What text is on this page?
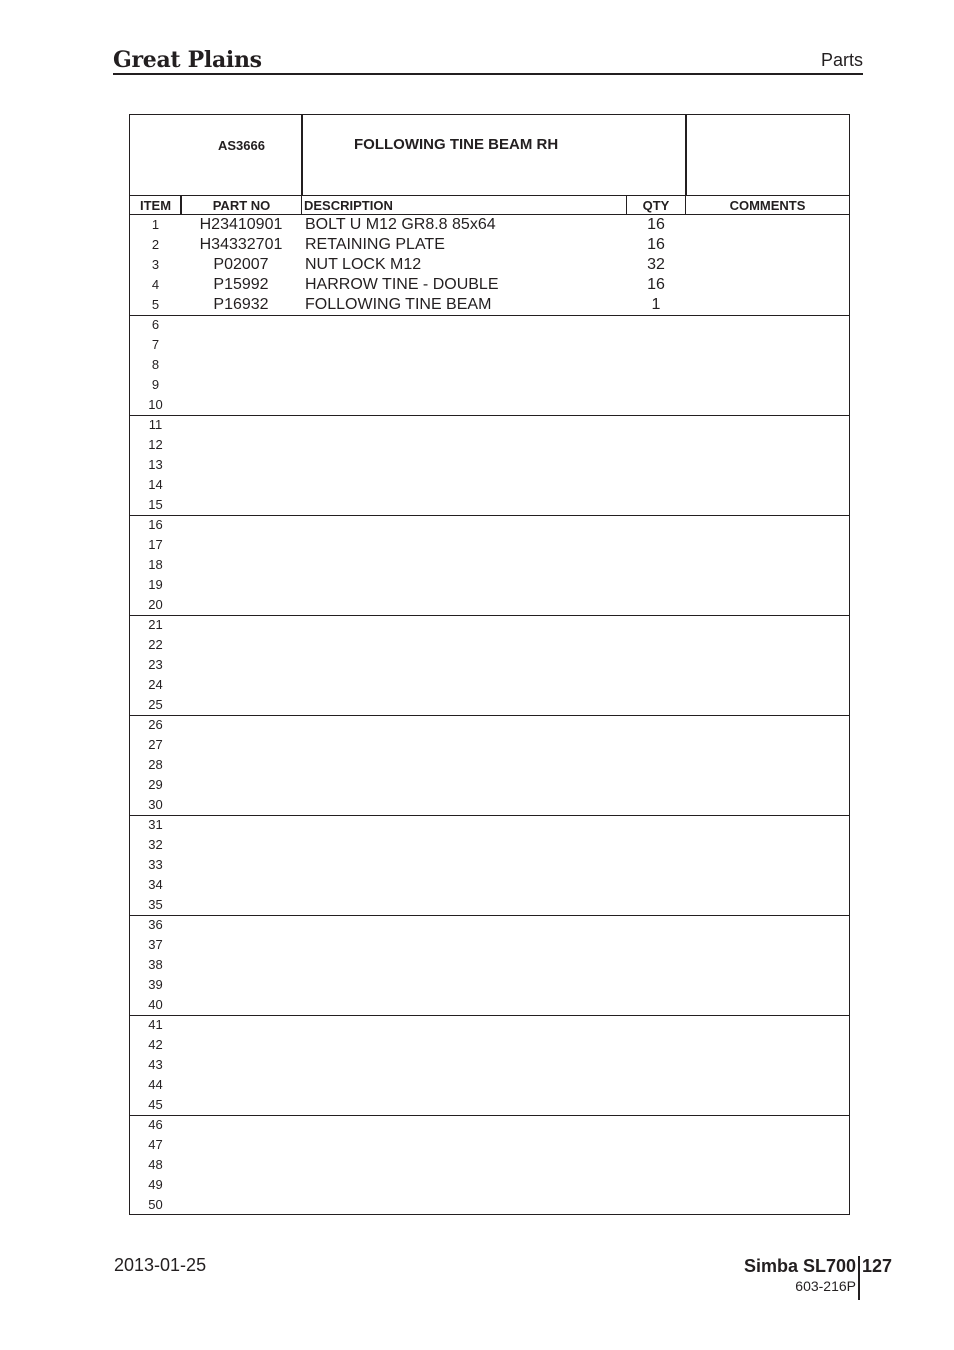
Great Plains	Parts
AS3666	FOLLOWING TINE BEAM RH
ITEM	PART NO	DESCRIPTION	QTY	COMMENTS
1	H23410901	BOLT U M12 GR8.8 85x64	16
2	H34332701	RETAINING PLATE	16
3	P02007	NUT LOCK M12	32
4	P15992	HARROW TINE - DOUBLE	16
5	P16932	FOLLOWING TINE BEAM	1
6
7
8
9
10
11
12
13
14
15
16
17
18
19
20
21
22
23
24
25
26
27
28
29
30
31
32
33
34
35
36
37
38
39
40
41
42
43
44
45
46
47
48
49
50
2013-01-25	Simba SL700 127
603-216P
